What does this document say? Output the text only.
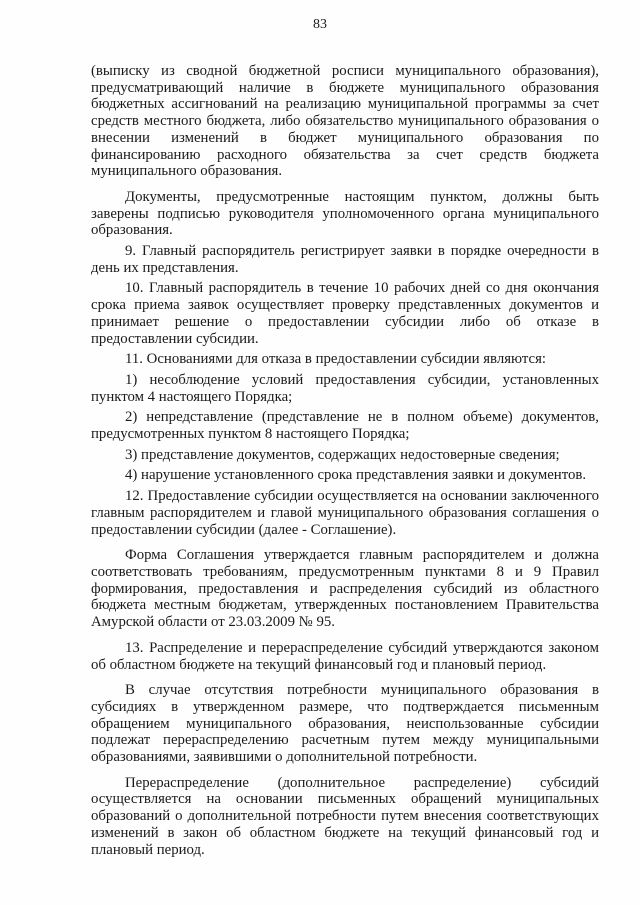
83

(выписку из сводной бюджетной росписи муниципального образования), предусматривающий наличие в бюджете муниципального образования бюджетных ассигнований на реализацию муниципальной программы за счет средств местного бюджета, либо обязательство муниципального образования о внесении изменений в бюджет муниципального образования по финансированию расходного обязательства за счет средств бюджета муниципального образования.

Документы, предусмотренные настоящим пунктом, должны быть заверены подписью руководителя уполномоченного органа муниципального образования.

9. Главный распорядитель регистрирует заявки в порядке очередности в день их представления.

10. Главный распорядитель в течение 10 рабочих дней со дня окончания срока приема заявок осуществляет проверку представленных документов и принимает решение о предоставлении субсидии либо об отказе в предоставлении субсидии.

11. Основаниями для отказа в предоставлении субсидии являются:

1) несоблюдение условий предоставления субсидии, установленных пунктом 4 настоящего Порядка;

2) непредставление (представление не в полном объеме) документов, предусмотренных пунктом 8 настоящего Порядка;

3) представление документов, содержащих недостоверные сведения;

4) нарушение установленного срока представления заявки и документов.

12. Предоставление субсидии осуществляется на основании заключенного главным распорядителем и главой муниципального образования соглашения о предоставлении субсидии (далее - Соглашение).

Форма Соглашения утверждается главным распорядителем и должна соответствовать требованиям, предусмотренным пунктами 8 и 9 Правил формирования, предоставления и распределения субсидий из областного бюджета местным бюджетам, утвержденных постановлением Правительства Амурской области от 23.03.2009 № 95.

13. Распределение и перераспределение субсидий утверждаются законом об областном бюджете на текущий финансовый год и плановый период.

В случае отсутствия потребности муниципального образования в субсидиях в утвержденном размере, что подтверждается письменным обращением муниципального образования, неиспользованные субсидии подлежат перераспределению расчетным путем между муниципальными образованиями, заявившими о дополнительной потребности.

Перераспределение (дополнительное распределение) субсидий осуществляется на основании письменных обращений муниципальных образований о дополнительной потребности путем внесения соответствующих изменений в закон об областном бюджете на текущий финансовый год и плановый период.
